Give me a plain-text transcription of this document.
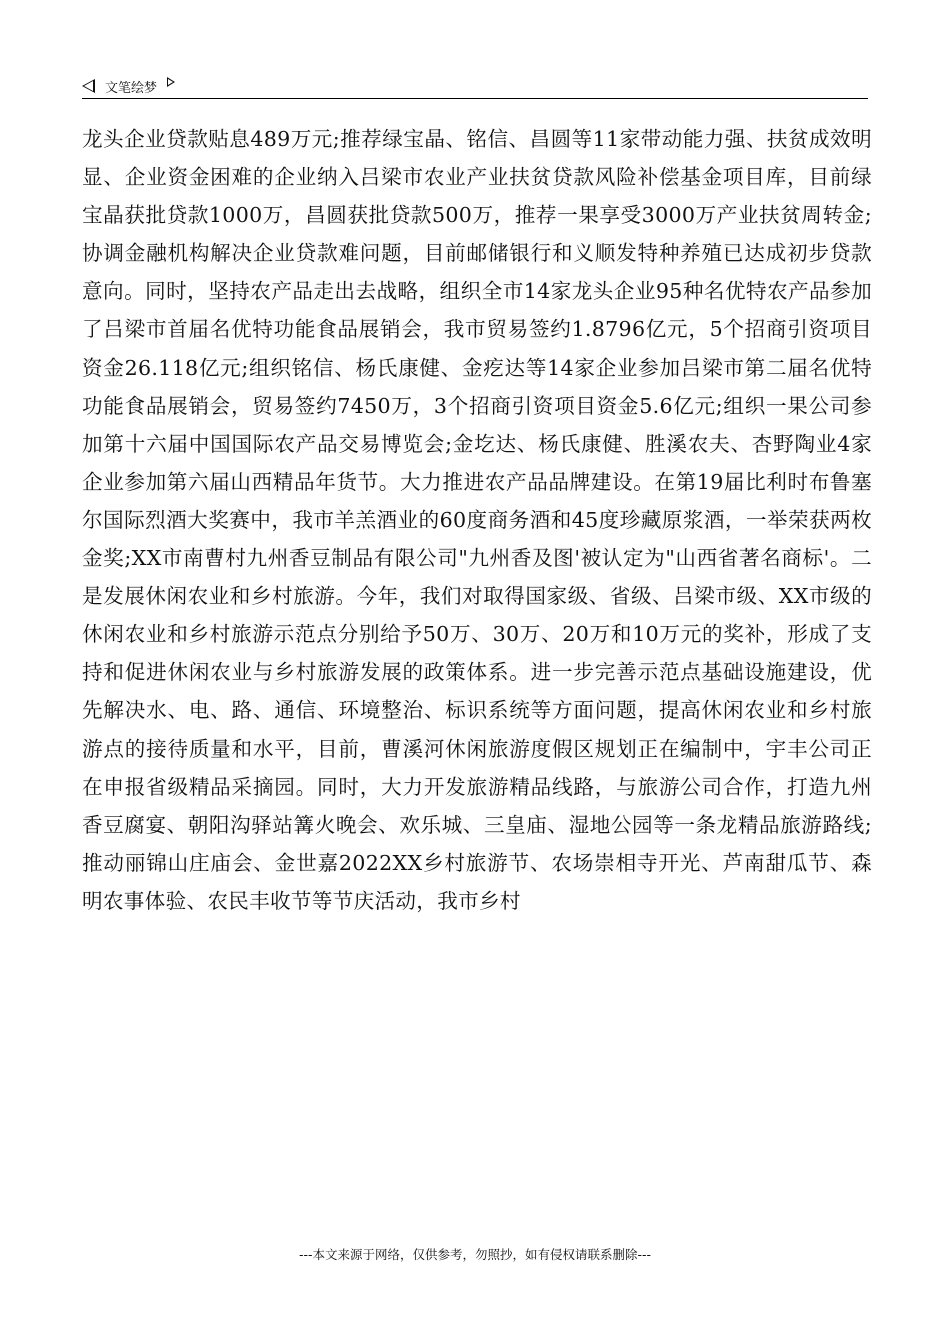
文笔绘梦

龙头企业贷款贴息489万元;推荐绿宝晶、铭信、昌圆等11家带动能力强、扶贫成效明显、企业资金困难的企业纳入吕梁市农业产业扶贫贷款风险补偿基金项目库，目前绿宝晶获批贷款1000万，昌圆获批贷款500万，推荐一果享受3000万产业扶贫周转金;协调金融机构解决企业贷款难问题，目前邮储银行和义顺发特种养殖已达成初步贷款意向。同时，坚持农产品走出去战略，组织全市14家龙头企业95种名优特农产品参加了吕梁市首届名优特功能食品展销会，我市贸易签约1.8796亿元，5个招商引资项目资金26.118亿元;组织铭信、杨氏康健、金疙达等14家企业参加吕梁市第二届名优特功能食品展销会，贸易签约7450万，3个招商引资项目资金5.6亿元;组织一果公司参加第十六届中国国际农产品交易博览会;金圪达、杨氏康健、胜溪农夫、杏野陶业4家企业参加第六届山西精品年货节。大力推进农产品品牌建设。在第19届比利时布鲁塞尔国际烈酒大奖赛中，我市羊羔酒业的60度商务酒和45度珍藏原浆酒，一举荣获两枚金奖;XX市南曹村九州香豆制品有限公司"九州香及图'被认定为"山西省著名商标'。二是发展休闲农业和乡村旅游。今年，我们对取得国家级、省级、吕梁市级、XX市级的休闲农业和乡村旅游示范点分别给予50万、30万、20万和10万元的奖补，形成了支持和促进休闲农业与乡村旅游发展的政策体系。进一步完善示范点基础设施建设，优先解决水、电、路、通信、环境整治、标识系统等方面问题，提高休闲农业和乡村旅游点的接待质量和水平，目前，曹溪河休闲旅游度假区规划正在编制中，宇丰公司正在申报省级精品采摘园。同时，大力开发旅游精品线路，与旅游公司合作，打造九州香豆腐宴、朝阳沟驿站篝火晚会、欢乐城、三皇庙、湿地公园等一条龙精品旅游路线;推动丽锦山庄庙会、金世嘉2022XX乡村旅游节、农场崇相寺开光、芦南甜瓜节、森明农事体验、农民丰收节等节庆活动，我市乡村

---本文来源于网络，仅供参考，勿照抄，如有侵权请联系删除---
